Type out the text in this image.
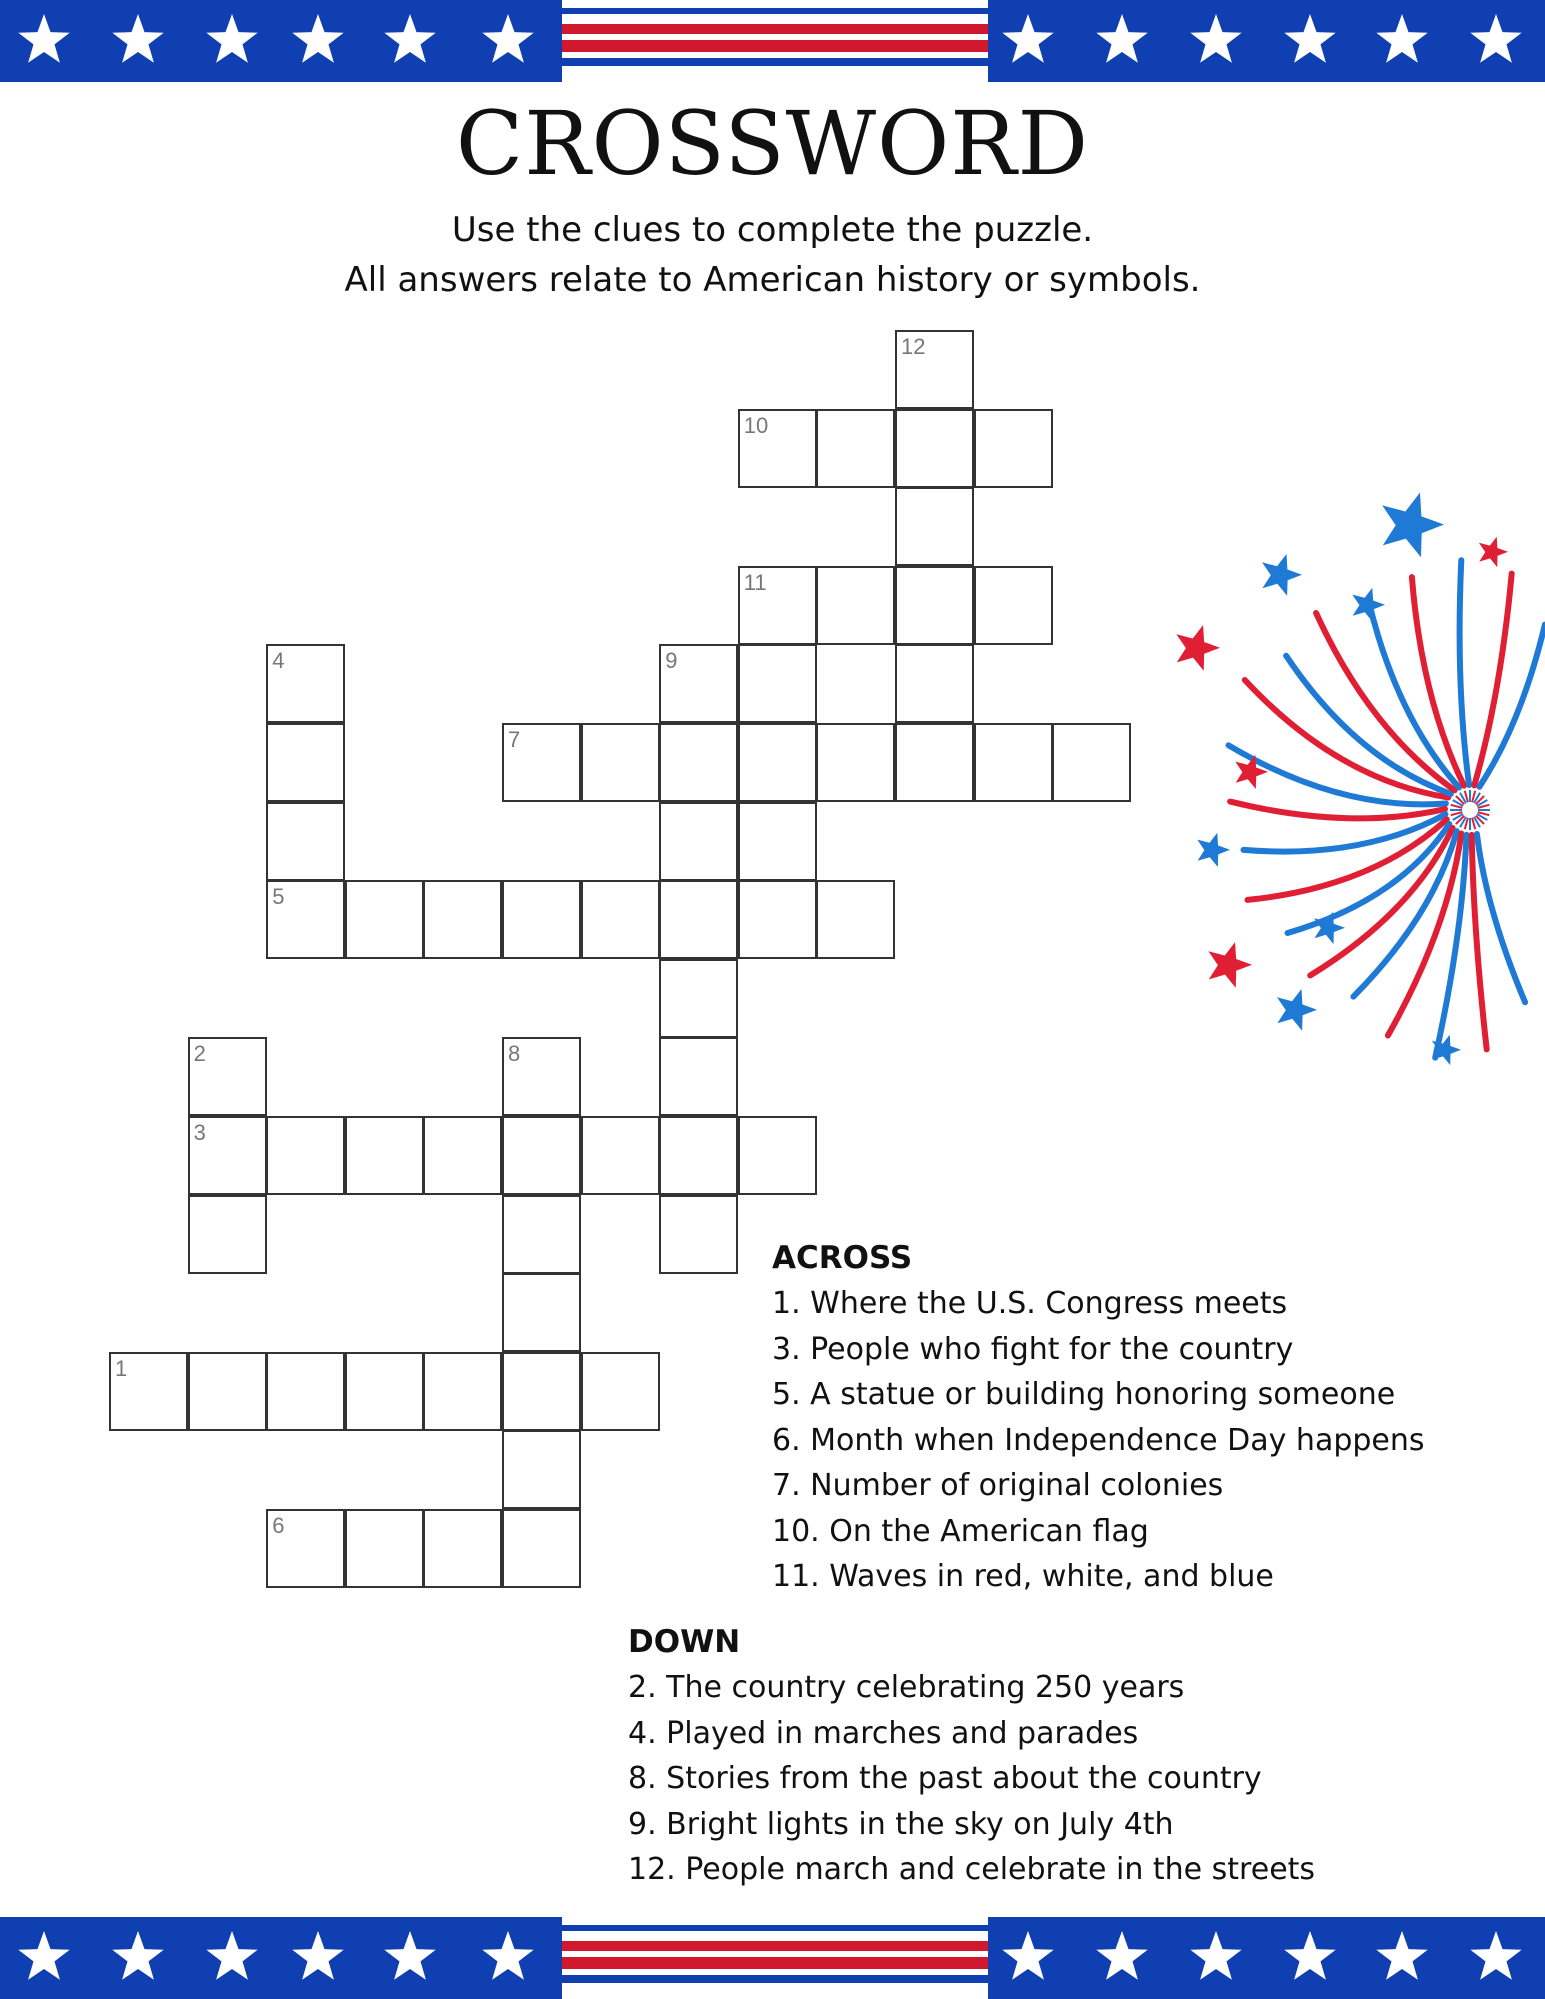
CROSSWORD
Use the clues to complete the puzzle.
All answers relate to American history or symbols.
12
10
11
4	9
7
5
2	8
3
1
6
ACROSS
1. Where the U.S. Congress meets
3. People who fight for the country
5. A statue or building honoring someone
6. Month when Independence Day happens
7. Number of original colonies
10. On the American flag
11. Waves in red, white, and blue
DOWN
2. The country celebrating 250 years
4. Played in marches and parades
8. Stories from the past about the country
9. Bright lights in the sky on July 4th
12. People march and celebrate in the streets
